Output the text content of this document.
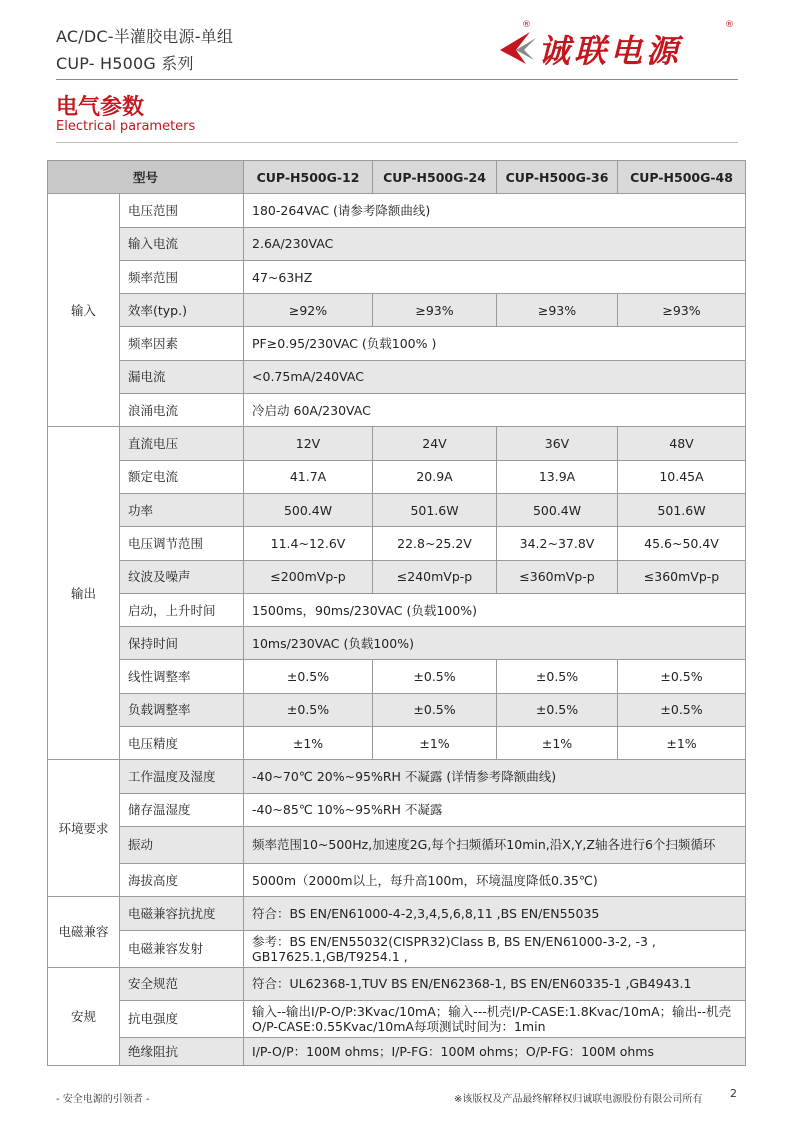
AC/DC-半灌胶电源-单组
CUP- H500G 系列
®
诚联电源
®
电气参数
Electrical parameters
型号		CUP-H500G-12	CUP-H500G-24	CUP-H500G-36	CUP-H500G-48
输入	电压范围	180-264VAC (请参考降额曲线)			
	输入电流	2.6A/230VAC			
	频率范围	47~63HZ			
	效率(typ.)	≥92%	≥93%	≥93%	≥93%
	频率因素	PF≥0.95/230VAC (负载100% )			
	漏电流	<0.75mA/240VAC			
	浪涌电流	冷启动 60A/230VAC			
输出	直流电压	12V	24V	36V	48V
	额定电流	41.7A	20.9A	13.9A	10.45A
	功率	500.4W	501.6W	500.4W	501.6W
	电压调节范围	11.4~12.6V	22.8~25.2V	34.2~37.8V	45.6~50.4V
	纹波及噪声	≤200mVp-p	≤240mVp-p	≤360mVp-p	≤360mVp-p
	启动，上升时间	1500ms，90ms/230VAC (负载100%)			
	保持时间	10ms/230VAC (负载100%)			
	线性调整率	±0.5%	±0.5%	±0.5%	±0.5%
	负载调整率	±0.5%	±0.5%	±0.5%	±0.5%
	电压精度	±1%	±1%	±1%	±1%
环境要求	工作温度及湿度	-40~70℃ 20%~95%RH 不凝露 (详情参考降额曲线)			
	储存温湿度	-40~85℃ 10%~95%RH 不凝露			
	振动	频率范围10~500Hz,加速度2G,每个扫频循环10min,沿X,Y,Z轴各进行6个扫频循环			
	海拔高度	5000m（2000m以上，每升高100m，环境温度降低0.35℃)			
电磁兼容	电磁兼容抗扰度	符合：BS EN/EN61000-4-2,3,4,5,6,8,11 ,BS EN/EN55035			
	电磁兼容发射	参考：BS EN/EN55032(CISPR32)Class B, BS EN/EN61000-3-2, -3 , GB17625.1,GB/T9254.1 ,			
安规	安全规范	符合：UL62368-1,TUV BS EN/EN62368-1, BS EN/EN60335-1 ,GB4943.1			
	抗电强度	输入--输出I/P-O/P:3Kvac/10mA；输入---机壳I/P-CASE:1.8Kvac/10mA；输出--机壳O/P-CASE:0.55Kvac/10mA每项测试时间为：1min			
	绝缘阻抗	I/P-O/P：100M ohms；I/P-FG：100M ohms；O/P-FG：100M ohms			
- 安全电源的引领者 -	※该版权及产品最终解释权归诚联电源股份有限公司所有	2
